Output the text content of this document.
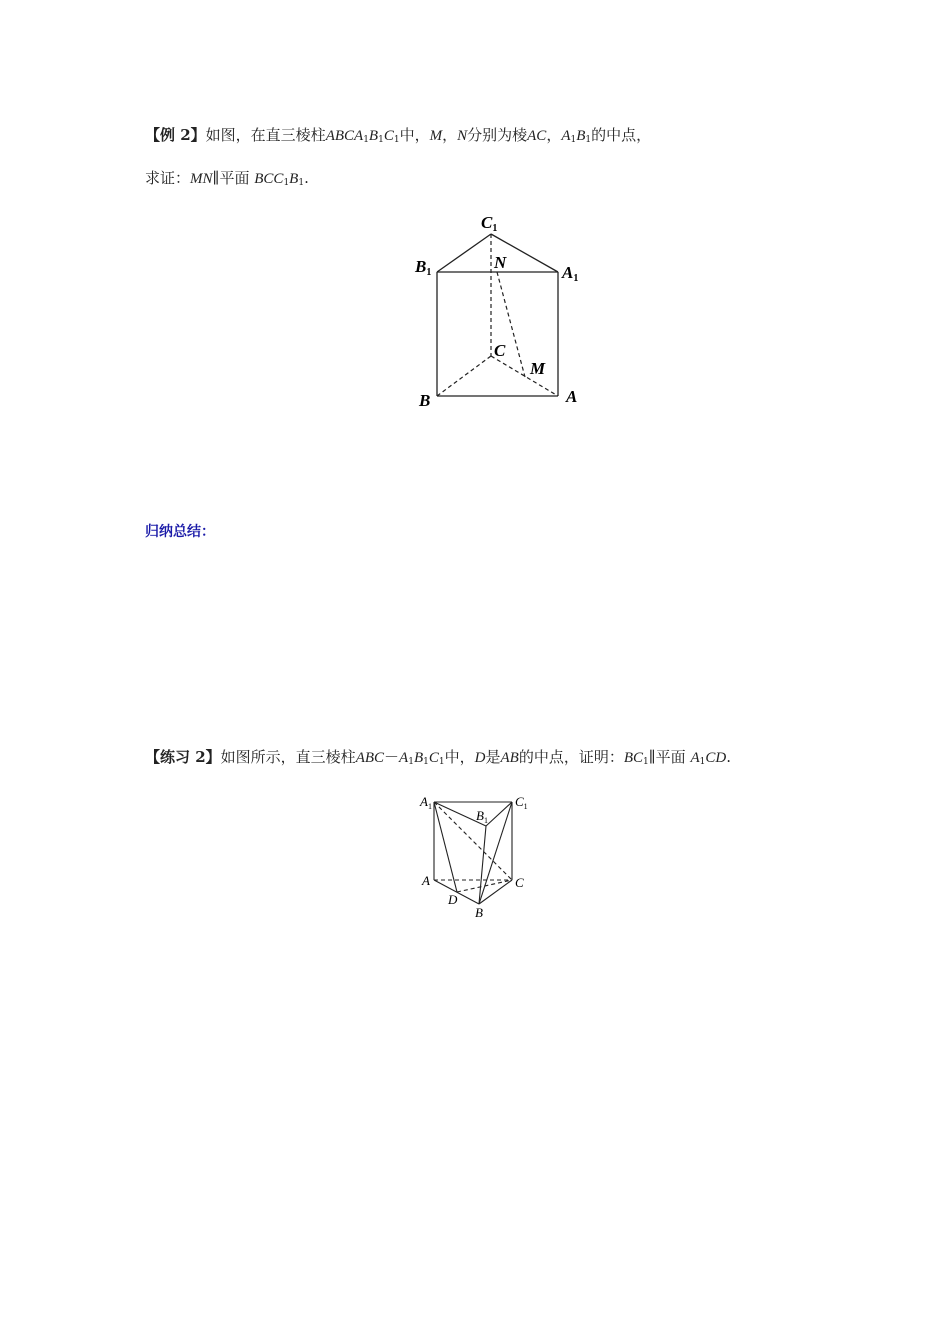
【例 2】如图，在直三棱柱$ABCA_1B_1C_1$中，M，N分别为棱AC，$A_1B_1$的中点，
求证：MN∥平面 $BCC_1B_1$.
C1
B1
N
A1
C
M
B	A
归纳总结：
【练习 2】如图所示，直三棱柱$ABC-A_1B_1C_1$中，D是AB的中点，证明：$BC_1\parallel$平面 $A_1CD$.
$A_1$
$B_1$
$C_1$
A	C
D
B
